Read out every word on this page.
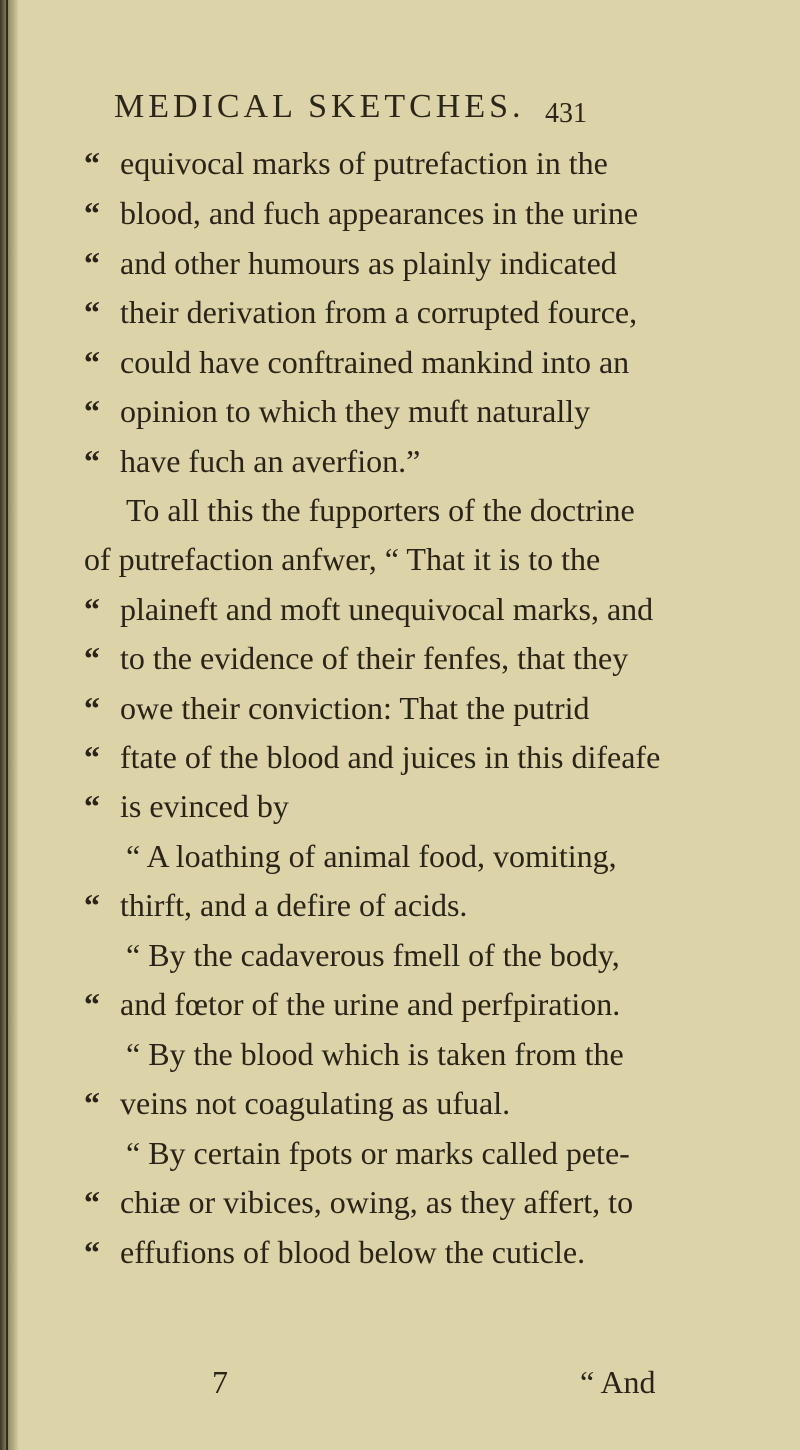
MEDICAL SKETCHES. 431
“ equivocal marks of putrefaction in the
“ blood, and fuch appearances in the urine
“ and other humours as plainly indicated
“ their derivation from a corrupted fource,
“ could have conftrained mankind into an
“ opinion to which they muft naturally
“ have fuch an averfion.”
To all this the fupporters of the doctrine
of putrefaction anfwer, “ That it is to the
“ plaineft and moft unequivocal marks, and
“ to the evidence of their fenfes, that they
“ owe their conviction: That the putrid
“ ftate of the blood and juices in this difeafe
“ is evinced by
“ A loathing of animal food, vomiting,
“ thirft, and a defire of acids.
“ By the cadaverous fmell of the body,
“ and fœtor of the urine and perfpiration.
“ By the blood which is taken from the
“ veins not coagulating as ufual.
“ By certain fpots or marks called pete-
“ chiæ or vibices, owing, as they affert, to
“ effufions of blood below the cuticle.
7	“ And
